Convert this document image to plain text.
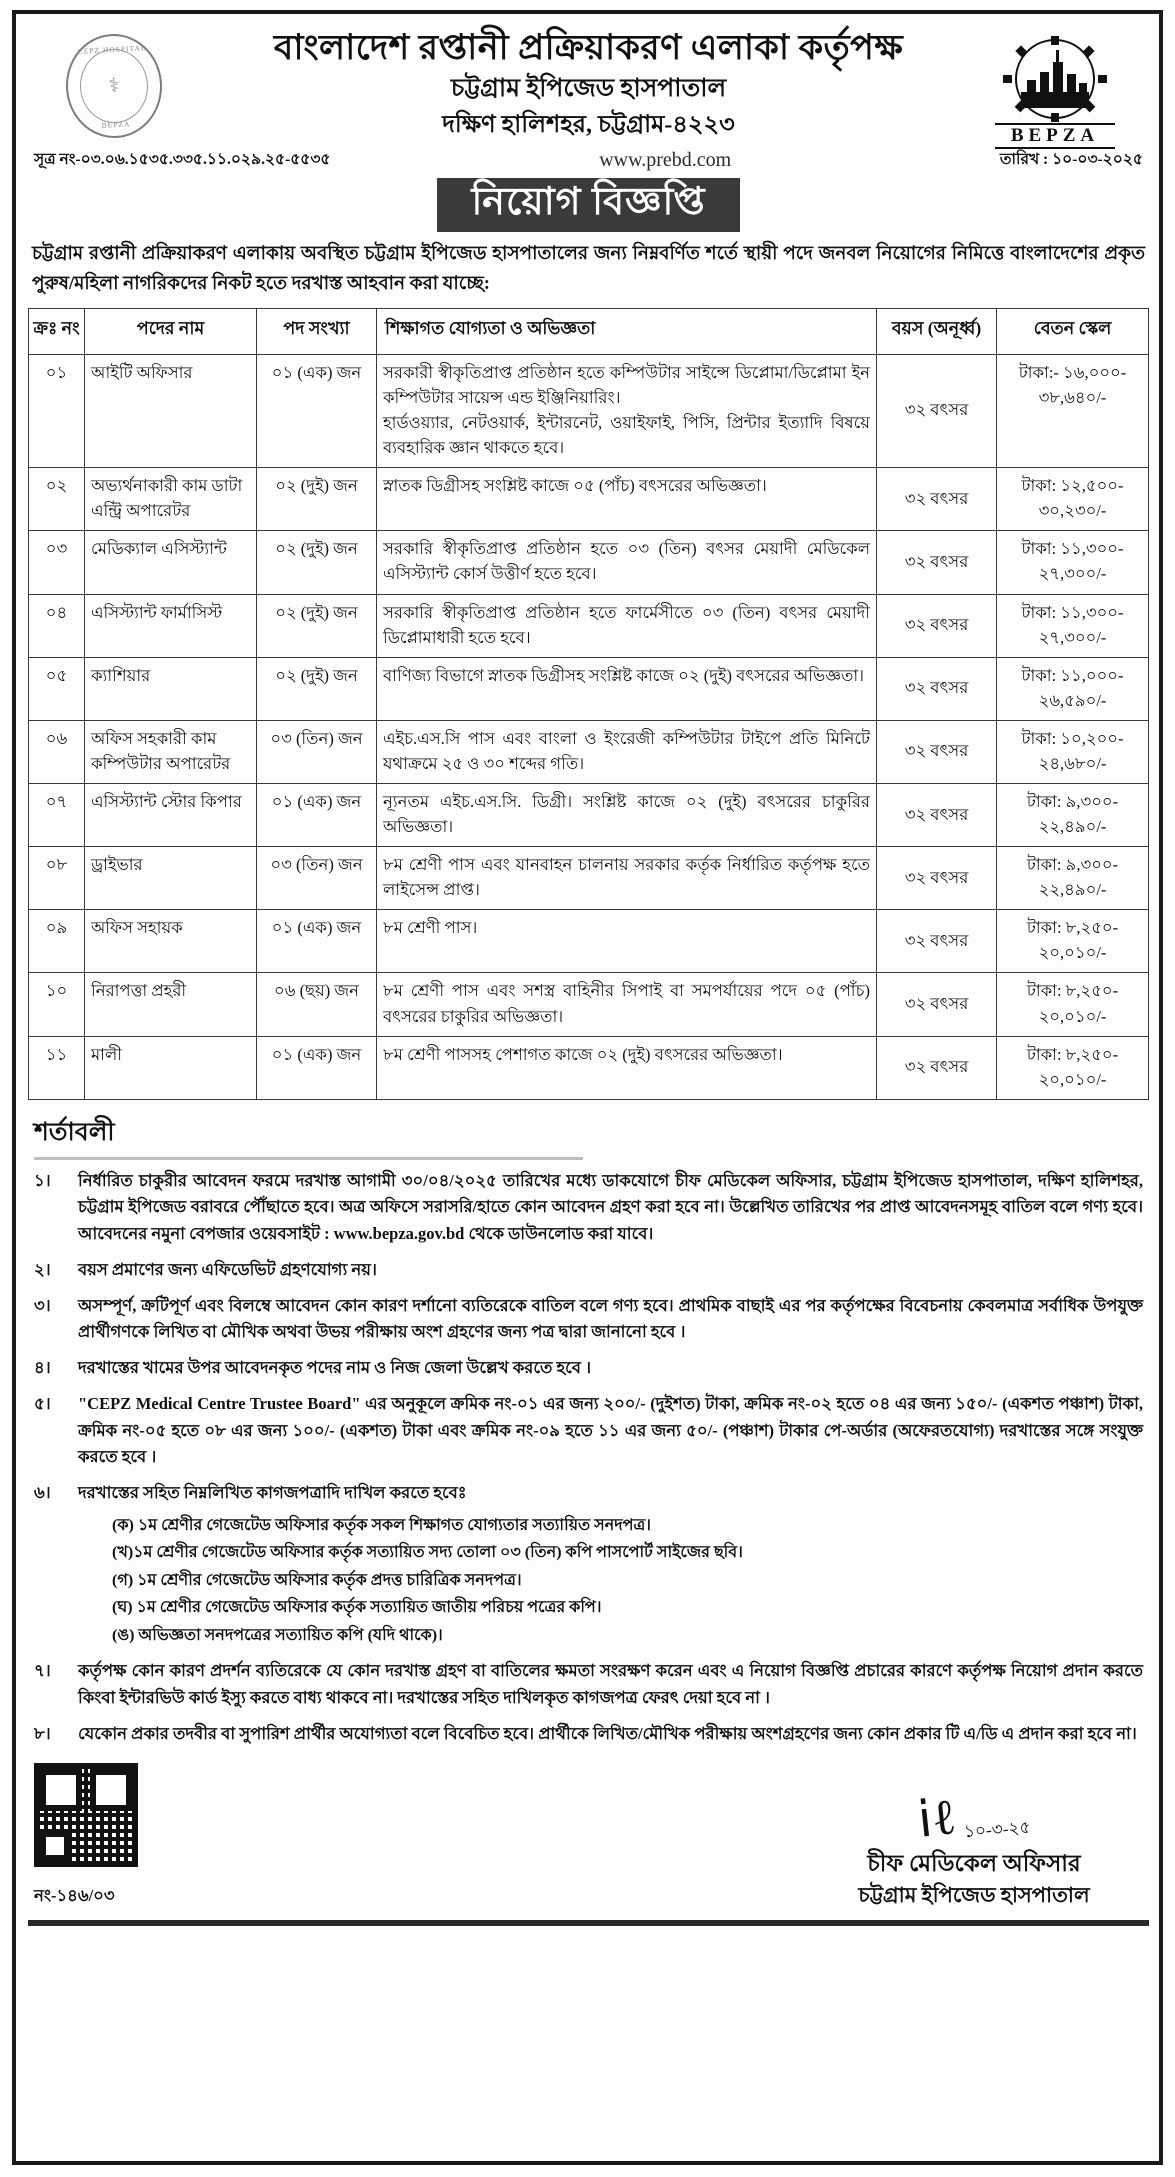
CEPZ HOSPITAL
⚕
BEPZA
BEPZA
বাংলাদেশ রপ্তানী প্রক্রিয়াকরণ এলাকা কর্তৃপক্ষ
চট্টগ্রাম ইপিজেড হাসপাতাল
দক্ষিণ হালিশহর, চট্টগ্রাম-৪২২৩
সূত্র নং-০৩.০৬.১৫৩৫.৩৩৫.১১.০২৯.২৫-৫৫৩৫	www.prebd.com	তারিখ : ১০-০৩-২০২৫
নিয়োগ বিজ্ঞপ্তি
চট্টগ্রাম রপ্তানী প্রক্রিয়াকরণ এলাকায় অবস্থিত চট্টগ্রাম ইপিজেড হাসপাতালের জন্য নিম্নবর্ণিত শর্তে স্থায়ী পদে জনবল নিয়োগের নিমিত্তে বাংলাদেশের প্রকৃত পুরুষ/মহিলা নাগরিকদের নিকট হতে দরখাস্ত আহবান করা যাচ্ছে:
ক্রঃ নং	পদের নাম	পদ সংখ্যা	শিক্ষাগত যোগ্যতা ও অভিজ্ঞতা	বয়স (অনূর্ধ্ব)	বেতন স্কেল
০১	আইটি অফিসার	০১ (এক) জন	সরকারী স্বীকৃতিপ্রাপ্ত প্রতিষ্ঠান হতে কম্পিউটার সাইন্সে ডিপ্লোমা/ডিপ্লোমা ইন কম্পিউটার সায়েন্স এন্ড ইঞ্জিনিয়ারিং।
হার্ডওয়্যার, নেটওয়ার্ক, ইন্টারনেট, ওয়াইফাই, পিসি, প্রিন্টার ইত্যাদি বিষয়ে ব্যবহারিক জ্ঞান থাকতে হবে।
	৩২ বৎসর	
টাকা:- ১৬,০০০-
৩৮,৬৪০/-

০২	অভ্যর্থনাকারী কাম ডাটা এন্ট্রি অপারেটর	০২ (দুই) জন	স্নাতক ডিগ্রীসহ সংশ্লিষ্ট কাজে ০৫ (পাঁচ) বৎসরের অভিজ্ঞতা।	৩২ বৎসর	টাকা: ১২,৫০০-
৩০,২৩০/-

০৩	মেডিক্যাল এসিস্ট্যান্ট	০২ (দুই) জন	সরকারি স্বীকৃতিপ্রাপ্ত প্রতিষ্ঠান হতে ০৩ (তিন) বৎসর মেয়াদী মেডিকেল এসিস্ট্যান্ট কোর্স উত্তীর্ণ হতে হবে।	৩২ বৎসর	টাকা: ১১,৩০০-
২৭,৩০০/-

০৪	এসিস্ট্যান্ট ফার্মাসিস্ট	০২ (দুই) জন	সরকারি স্বীকৃতিপ্রাপ্ত প্রতিষ্ঠান হতে ফার্মেসীতে ০৩ (তিন) বৎসর মেয়াদী ডিপ্লোমাধারী হতে হবে।	৩২ বৎসর	টাকা: ১১,৩০০-
২৭,৩০০/-

০৫	ক্যাশিয়ার	০২ (দুই) জন	বাণিজ্য বিভাগে স্নাতক ডিগ্রীসহ সংশ্লিষ্ট কাজে ০২ (দুই) বৎসরের অভিজ্ঞতা।	৩২ বৎসর	টাকা: ১১,০০০-
২৬,৫৯০/-

০৬	অফিস সহকারী কাম কম্পিউটার অপারেটর	০৩ (তিন) জন	এইচ.এস.সি পাস এবং বাংলা ও ইংরেজী কম্পিউটার টাইপে প্রতি মিনিটে যথাক্রমে ২৫ ও ৩০ শব্দের গতি।	৩২ বৎসর	টাকা: ১০,২০০-
২৪,৬৮০/-

০৭	এসিস্ট্যান্ট স্টোর কিপার	০১ (এক) জন	ন্যূনতম এইচ.এস.সি. ডিগ্রী। সংশ্লিষ্ট কাজে ০২ (দুই) বৎসরের চাকুরির অভিজ্ঞতা।	৩২ বৎসর	টাকা: ৯,৩০০-
২২,৪৯০/-

০৮	ড্রাইভার	০৩ (তিন) জন	৮ম শ্রেণী পাস এবং যানবাহন চালনায় সরকার কর্তৃক নির্ধারিত কর্তৃপক্ষ হতে লাইসেন্স প্রাপ্ত।	৩২ বৎসর	টাকা: ৯,৩০০-
২২,৪৯০/-

০৯	অফিস সহায়ক	০১ (এক) জন	৮ম শ্রেণী পাস।	৩২ বৎসর	টাকা: ৮,২৫০-
২০,০১০/-

১০	নিরাপত্তা প্রহরী	০৬ (ছয়) জন	৮ম শ্রেণী পাস এবং সশস্ত্র বাহিনীর সিপাই বা সমপর্যায়ের পদে ০৫ (পাঁচ) বৎসরের চাকুরির অভিজ্ঞতা।	৩২ বৎসর	টাকা: ৮,২৫০-
২০,০১০/-

১১	মালী	০১ (এক) জন	৮ম শ্রেণী পাসসহ পেশাগত কাজে ০২ (দুই) বৎসরের অভিজ্ঞতা।	৩২ বৎসর	টাকা: ৮,২৫০-
২০,০১০/-
শর্তাবলী
১।	নির্ধারিত চাকুরীর আবেদন ফরমে দরখাস্ত আগামী ৩০/০৪/২০২৫ তারিখের মধ্যে ডাকযোগে চীফ মেডিকেল অফিসার, চট্টগ্রাম ইপিজেড হাসপাতাল, দক্ষিণ হালিশহর, চট্টগ্রাম ইপিজেড বরাবরে পৌঁছাতে হবে। অত্র অফিসে সরাসরি/হাতে কোন আবেদন গ্রহণ করা হবে না। উল্লেখিত তারিখের পর প্রাপ্ত আবেদনসমূহ বাতিল বলে গণ্য হবে। আবেদনের নমুনা বেপজার ওয়েবসাইট : www.bepza.gov.bd থেকে ডাউনলোড করা যাবে।
২।	বয়স প্রমাণের জন্য এফিডেভিট গ্রহণযোগ্য নয়।
৩।	অসম্পূর্ণ, ক্রটিপূর্ণ এবং বিলম্বে আবেদন কোন কারণ দর্শানো ব্যতিরেকে বাতিল বলে গণ্য হবে। প্রাথমিক বাছাই এর পর কর্তৃপক্ষের বিবেচনায় কেবলমাত্র সর্বাধিক উপযুক্ত প্রার্থীগণকে লিখিত বা মৌখিক অথবা উভয় পরীক্ষায় অংশ গ্রহণের জন্য পত্র দ্বারা জানানো হবে ।
৪।	দরখাস্তের খামের উপর আবেদনকৃত পদের নাম ও নিজ জেলা উল্লেখ করতে হবে ।
৫।	"CEPZ Medical Centre Trustee Board" এর অনুকূলে ক্রমিক নং-০১ এর জন্য ২০০/- (দুইশত) টাকা, ক্রমিক নং-০২ হতে ০৪ এর জন্য ১৫০/- (একশত পঞ্চাশ) টাকা, ক্রমিক নং-০৫ হতে ০৮ এর জন্য ১০০/- (একশত) টাকা এবং ক্রমিক নং-০৯ হতে ১১ এর জন্য ৫০/- (পঞ্চাশ) টাকার পে-অর্ডার (অফেরতযোগ্য) দরখাস্তের সঙ্গে সংযুক্ত করতে হবে ।
৬।	দরখাস্তের সহিত নিম্নলিখিত কাগজপত্রাদি দাখিল করতে হবেঃ
(ক) ১ম শ্রেণীর গেজেটেড অফিসার কর্তৃক সকল শিক্ষাগত যোগ্যতার সত্যায়িত সনদপত্র।
(খ)১ম শ্রেণীর গেজেটেড অফিসার কর্তৃক সত্যায়িত সদ্য তোলা ০৩ (তিন) কপি পাসপোর্ট সাইজের ছবি।
(গ) ১ম শ্রেণীর গেজেটেড অফিসার কর্তৃক প্রদত্ত চারিত্রিক সনদপত্র।
(ঘ) ১ম শ্রেণীর গেজেটেড অফিসার কর্তৃক সত্যায়িত জাতীয় পরিচয় পত্রের কপি।
(ঙ) অভিজ্ঞতা সনদপত্রের সত্যায়িত কপি (যদি থাকে)।
৭।	কর্তৃপক্ষ কোন কারণ প্রদর্শন ব্যতিরেকে যে কোন দরখাস্ত গ্রহণ বা বাতিলের ক্ষমতা সংরক্ষণ করেন এবং এ নিয়োগ বিজ্ঞপ্তি প্রচারের কারণে কর্তৃপক্ষ নিয়োগ প্রদান করতে কিংবা ইন্টারভিউ কার্ড ইস্যু করতে বাধ্য থাকবে না। দরখাস্তের সহিত দাখিলকৃত কাগজপত্র ফেরৎ দেয়া হবে না ।
৮।	যেকোন প্রকার তদবীর বা সুপারিশ প্রার্থীর অযোগ্যতা বলে বিবেচিত হবে। প্রার্থীকে লিখিত/মৌখিক পরীক্ষায় অংশগ্রহণের জন্য কোন প্রকার টি এ/ডি এ প্রদান করা হবে না।
নং-১৪৬/০৩
ⅰℓ ১০-৩-২৫
চীফ মেডিকেল অফিসার
চট্টগ্রাম ইপিজেড হাসপাতাল
